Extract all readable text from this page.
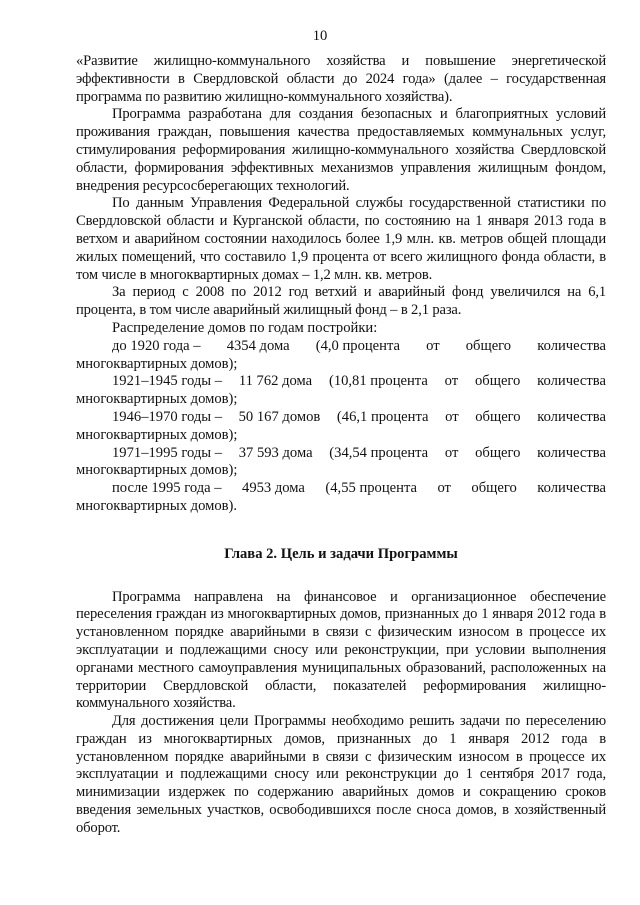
10

«Развитие жилищно-коммунального хозяйства и повышение энергетической эффективности в Свердловской области до 2024 года» (далее – государственная программа по развитию жилищно-коммунального хозяйства).

Программа разработана для создания безопасных и благоприятных условий проживания граждан, повышения качества предоставляемых коммунальных услуг, стимулирования реформирования жилищно-коммунального хозяйства Свердловской области, формирования эффективных механизмов управления жилищным фондом, внедрения ресурсосберегающих технологий.

По данным Управления Федеральной службы государственной статистики по Свердловской области и Курганской области, по состоянию на 1 января 2013 года в ветхом и аварийном состоянии находилось более 1,9 млн. кв. метров общей площади жилых помещений, что составило 1,9 процента от всего жилищного фонда области, в том числе в многоквартирных домах – 1,2 млн. кв. метров.

За период с 2008 по 2012 год ветхий и аварийный фонд увеличился на 6,1 процента, в том числе аварийный жилищный фонд – в 2,1 раза.

Распределение домов по годам постройки:

до 1920 года – 4354 дома (4,0 процента от общего количества

многоквартирных домов);

1921–1945 годы – 11 762 дома (10,81 процента от общего количества

многоквартирных домов);

1946–1970 годы – 50 167 домов (46,1 процента от общего количества

многоквартирных домов);

1971–1995 годы – 37 593 дома (34,54 процента от общего количества

многоквартирных домов);

после 1995 года – 4953 дома (4,55 процента от общего количества

многоквартирных домов).

Глава 2. Цель и задачи Программы

Программа направлена на финансовое и организационное обеспечение переселения граждан из многоквартирных домов, признанных до 1 января 2012 года в установленном порядке аварийными в связи с физическим износом в процессе их эксплуатации и подлежащими сносу или реконструкции, при условии выполнения органами местного самоуправления муниципальных образований, расположенных на территории Свердловской области, показателей реформирования жилищно-коммунального хозяйства.

Для достижения цели Программы необходимо решить задачи по переселению граждан из многоквартирных домов, признанных до 1 января 2012 года в установленном порядке аварийными в связи с физическим износом в процессе их эксплуатации и подлежащими сносу или реконструкции до 1 сентября 2017 года, минимизации издержек по содержанию аварийных домов и сокращению сроков введения земельных участков, освободившихся после сноса домов, в хозяйственный оборот.
